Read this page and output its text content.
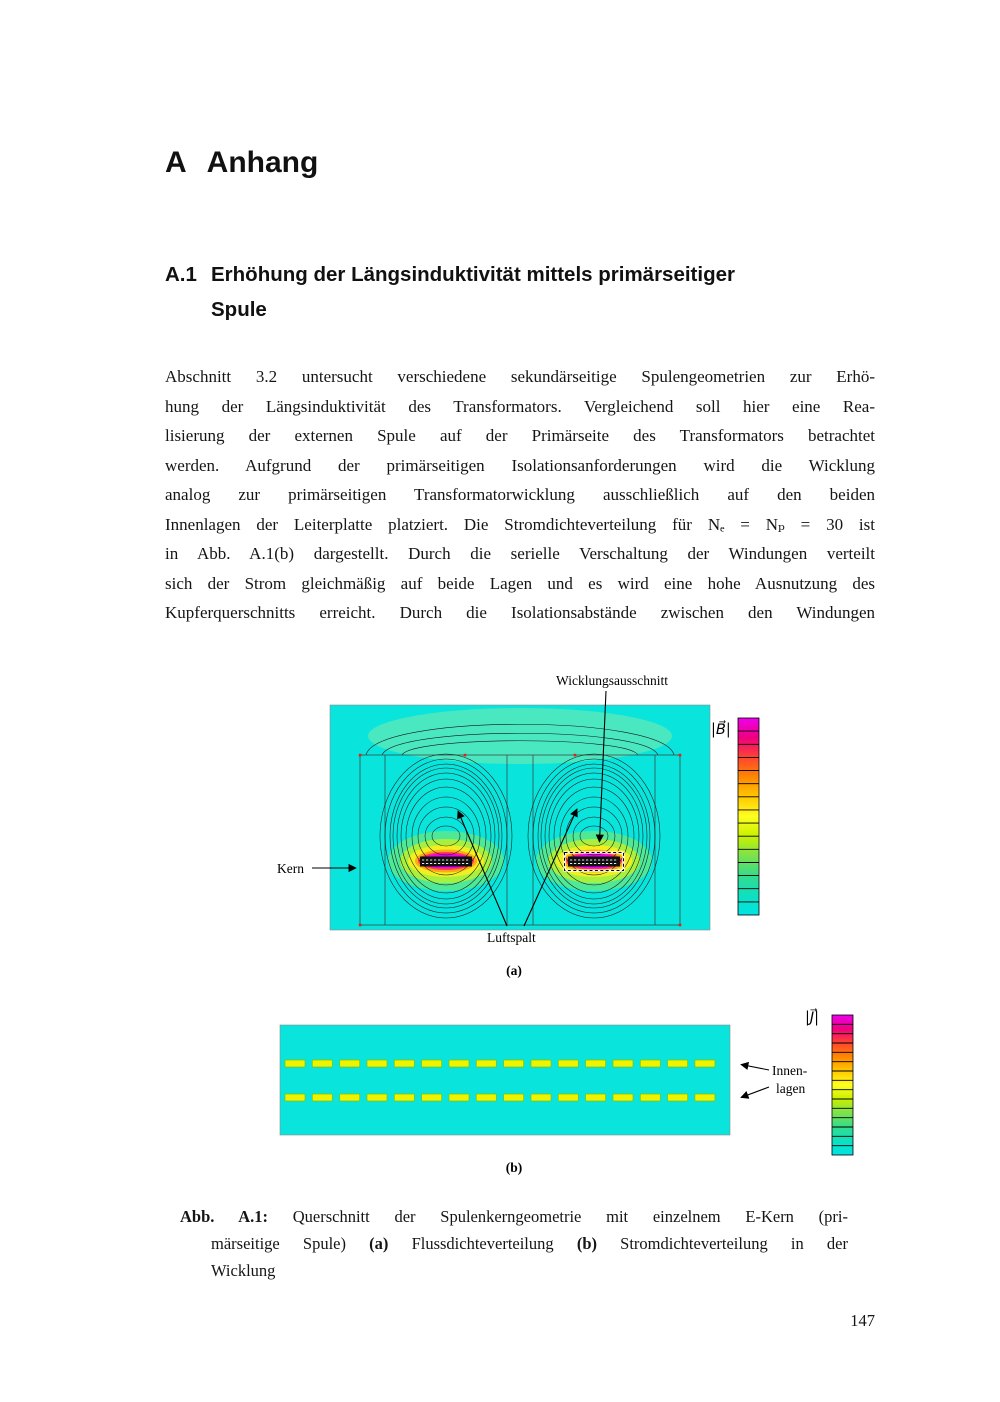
A Anhang
A.1 Erhöhung der Längsinduktivität mittels primärseitiger
Spule
Abschnitt 3.2 untersucht verschiedene sekundärseitige Spulengeometrien zur Erhö-
hung der Längsinduktivität des Transformators. Vergleichend soll hier eine Rea-
lisierung der externen Spule auf der Primärseite des Transformators betrachtet
werden. Aufgrund der primärseitigen Isolationsanforderungen wird die Wicklung
analog zur primärseitigen Transformatorwicklung ausschließlich auf den beiden
Innenlagen der Leiterplatte platziert. Die Stromdichteverteilung für Nₑ = Nₚ = 30 ist
in Abb. A.1(b) dargestellt. Durch die serielle Verschaltung der Windungen verteilt
sich der Strom gleichmäßig auf beide Lagen und es wird eine hohe Ausnutzung des
Kupferquerschnitts erreicht. Durch die Isolationsabstände zwischen den Windungen
|B⃗|
Wicklungsausschnitt
Kern
Luftspalt
(a)
|J⃗|
Innen-
lagen
(b)
Abb. A.1: Querschnitt der Spulenkerngeometrie mit einzelnem E-Kern (pri-
märseitige Spule) (a) Flussdichteverteilung (b) Stromdichteverteilung in der
Wicklung
147
